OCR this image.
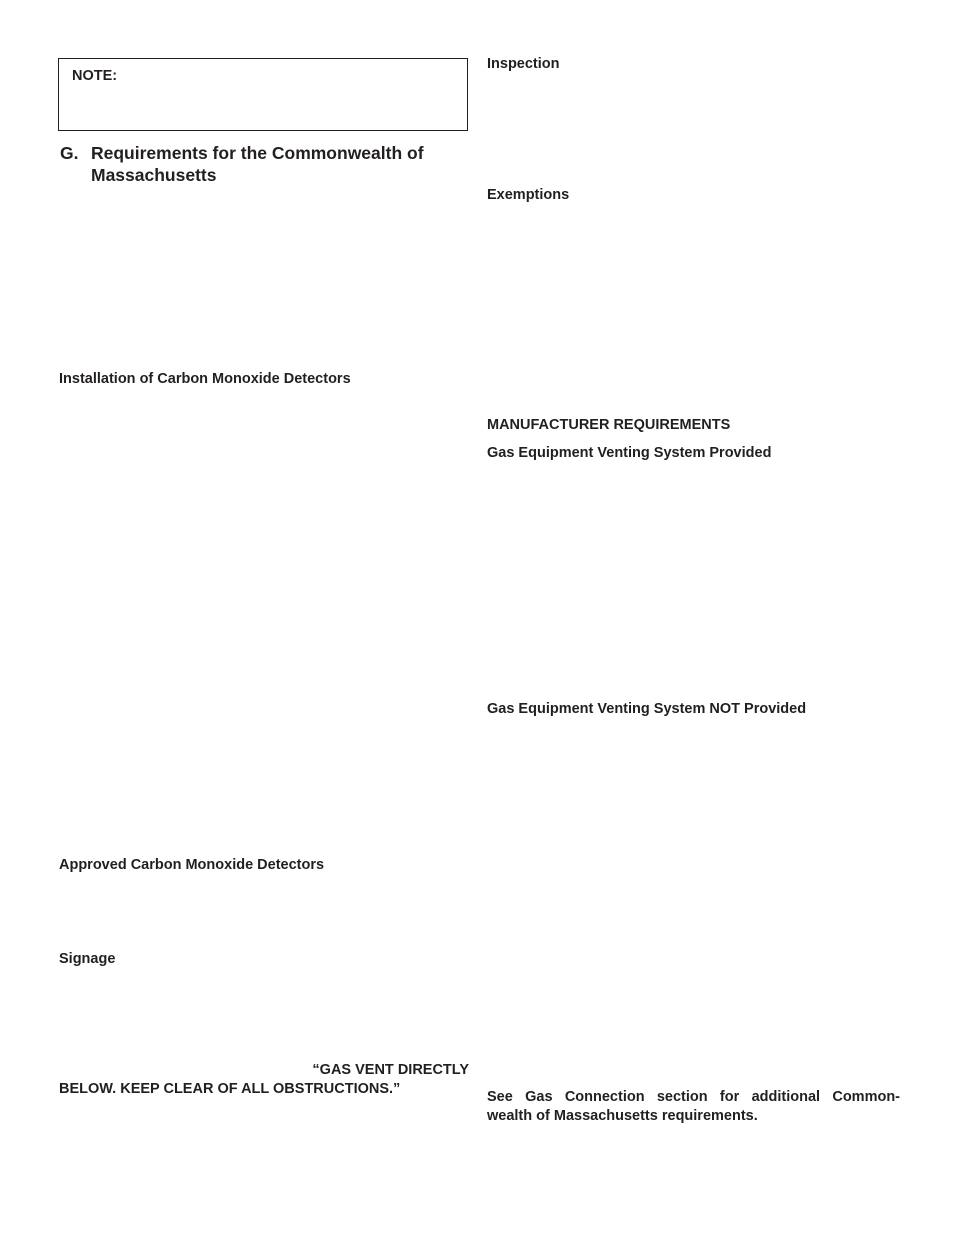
NOTE:
G. Requirements for the Commonwealth of
Massachusetts
Installation of Carbon Monoxide Detectors
Approved Carbon Monoxide Detectors
Signage
“GAS VENT DIRECTLY
BELOW. KEEP CLEAR OF ALL OBSTRUCTIONS.”
Inspection
Exemptions
MANUFACTURER REQUIREMENTS
Gas Equipment Venting System Provided
Gas Equipment Venting System NOT Provided
See Gas Connection section for additional Common-
wealth of Massachusetts requirements.
